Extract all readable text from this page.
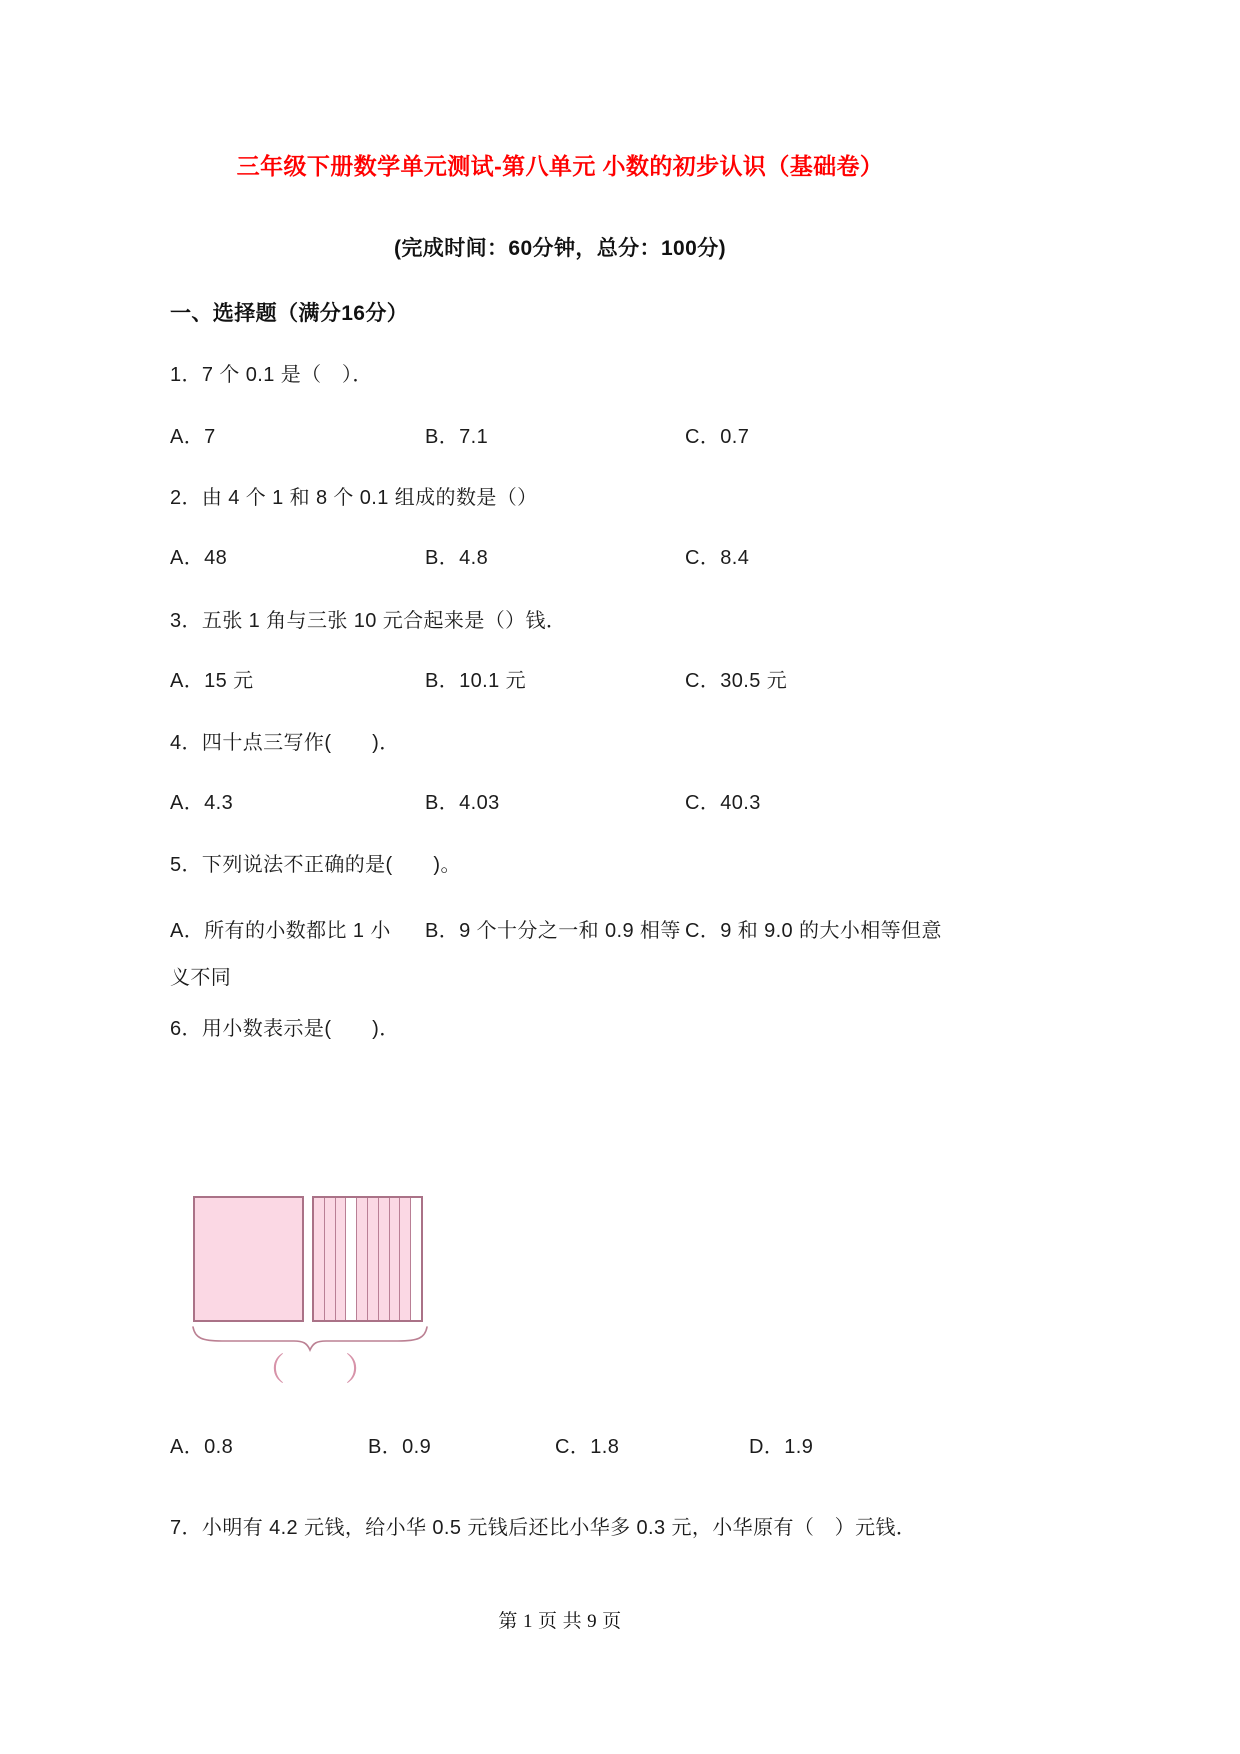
三年级下册数学单元测试-第八单元 小数的初步认识（基础卷）
(完成时间：60分钟，总分：100分)
一、选择题（满分16分）
1．7 个 0.1 是（　）．
A．7	B．7.1	C．0.7
2．由 4 个 1 和 8 个 0.1 组成的数是（）
A．48	B．4.8	C．8.4
3．五张 1 角与三张 10 元合起来是（）钱．
A．15 元	B．10.1 元	C．30.5 元
4．四十点三写作(　　)．
A．4.3	B．4.03	C．40.3
5．下列说法不正确的是(　　)。
A．所有的小数都比 1 小 B．9 个十分之一和 0.9 相等 C．9 和 9.0 的大小相等但意义不同
6．用小数表示是(　　)．
（　）
A．0.8	B．0.9	C．1.8	D．1.9
7．小明有 4.2 元钱，给小华 0.5 元钱后还比小华多 0.3 元，小华原有（　）元钱．
第 1 页 共 9 页
